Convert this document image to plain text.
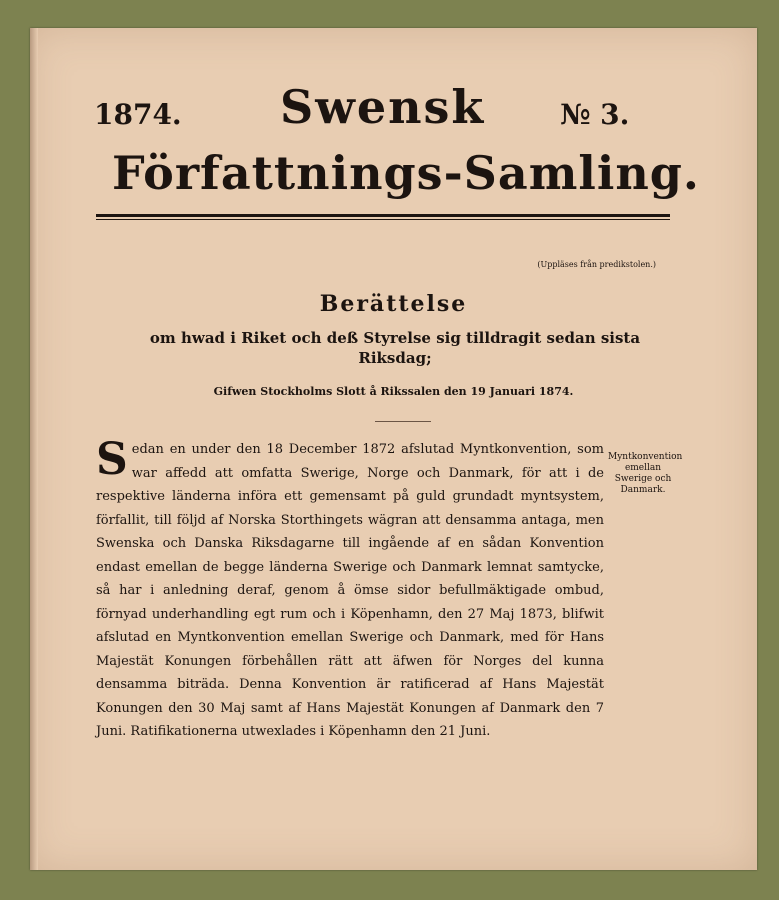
1874. Swensk	№ 3.
Författnings-Samling.
(Uppläses från predikstolen.)
Berättelse
om hwad i Riket och deß Styrelse sig tilldragit sedan sista Riksdag;
Gifwen Stockholms Slott å Rikssalen den 19 Januari 1874.
S edan en under den 18 December 1872 afslutad Myntkonvention, som war affedd att omfatta Swerige, Norge och Danmark, för att i de respektive länderna införa ett gemensamt på guld grundadt myntsystem, förfallit, till följd af Norska Storthingets wägran att densamma antaga, men Swenska och Danska Riksdagarne till ingående af en sådan Konvention endast emellan de begge länderna Swerige och Danmark lemnat samtycke, så har i anledning deraf, genom å ömse sidor befullmäktigade ombud, förnyad underhandling egt rum och i Köpenhamn, den 27 Maj 1873, blifwit afslutad en Myntkonvention emellan Swerige och Danmark, med för Hans Majestät Konungen förbehållen rätt att äfwen för Norges del kunna densamma biträda. Denna Konvention är ratificerad af Hans Majestät Konungen den 30 Maj samt af Hans Majestät Konungen af Danmark den 7 Juni. Ratifikationerna utwexlades i Köpenhamn den 21 Juni.
Myntkonvention emellan Swerige och Danmark.
